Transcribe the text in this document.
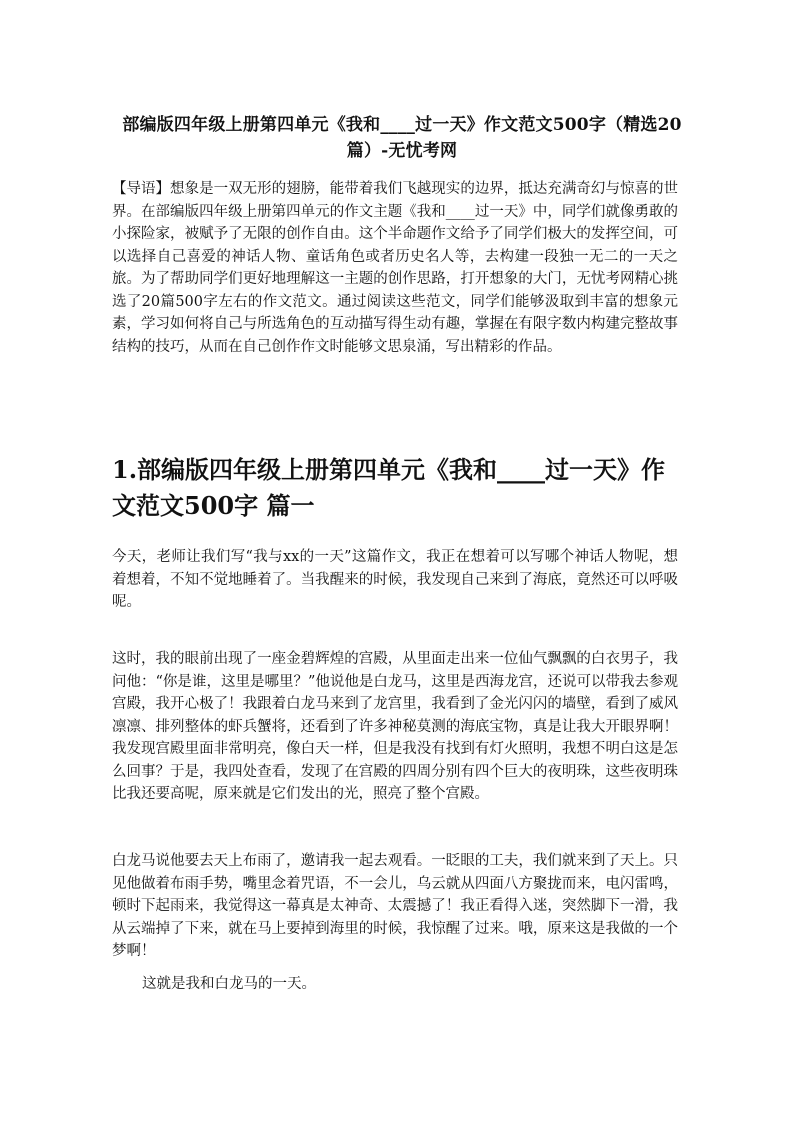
部编版四年级上册第四单元《我和____过一天》作文范文500字（精选20篇）-无忧考网
【导语】想象是一双无形的翅膀，能带着我们飞越现实的边界，抵达充满奇幻与惊喜的世界。在部编版四年级上册第四单元的作文主题《我和____过一天》中，同学们就像勇敢的小探险家，被赋予了无限的创作自由。这个半命题作文给予了同学们极大的发挥空间，可以选择自己喜爱的神话人物、童话角色或者历史名人等，去构建一段独一无二的一天之旅。为了帮助同学们更好地理解这一主题的创作思路，打开想象的大门，无忧考网精心挑选了20篇500字左右的作文范文。通过阅读这些范文，同学们能够汲取到丰富的想象元素，学习如何将自己与所选角色的互动描写得生动有趣，掌握在有限字数内构建完整故事结构的技巧，从而在自己创作作文时能够文思泉涌，写出精彩的作品。
1.部编版四年级上册第四单元《我和____过一天》作文范文500字 篇一
今天，老师让我们写“我与xx的一天”这篇作文，我正在想着可以写哪个神话人物呢，想着想着，不知不觉地睡着了。当我醒来的时候，我发现自己来到了海底，竟然还可以呼吸呢。
这时，我的眼前出现了一座金碧辉煌的宫殿，从里面走出来一位仙气飘飘的白衣男子，我问他：“你是谁，这里是哪里？”他说他是白龙马，这里是西海龙宫，还说可以带我去参观宫殿，我开心极了！我跟着白龙马来到了龙宫里，我看到了金光闪闪的墙壁，看到了威风凛凛、排列整体的虾兵蟹将，还看到了许多神秘莫测的海底宝物，真是让我大开眼界啊！我发现宫殿里面非常明亮，像白天一样，但是我没有找到有灯火照明，我想不明白这是怎么回事？于是，我四处查看，发现了在宫殿的四周分别有四个巨大的夜明珠，这些夜明珠比我还要高呢，原来就是它们发出的光，照亮了整个宫殿。
白龙马说他要去天上布雨了，邀请我一起去观看。一眨眼的工夫，我们就来到了天上。只见他做着布雨手势，嘴里念着咒语，不一会儿，乌云就从四面八方聚拢而来，电闪雷鸣，顿时下起雨来，我觉得这一幕真是太神奇、太震撼了！我正看得入迷，突然脚下一滑，我从云端掉了下来，就在马上要掉到海里的时候，我惊醒了过来。哦，原来这是我做的一个梦啊！
这就是我和白龙马的一天。
